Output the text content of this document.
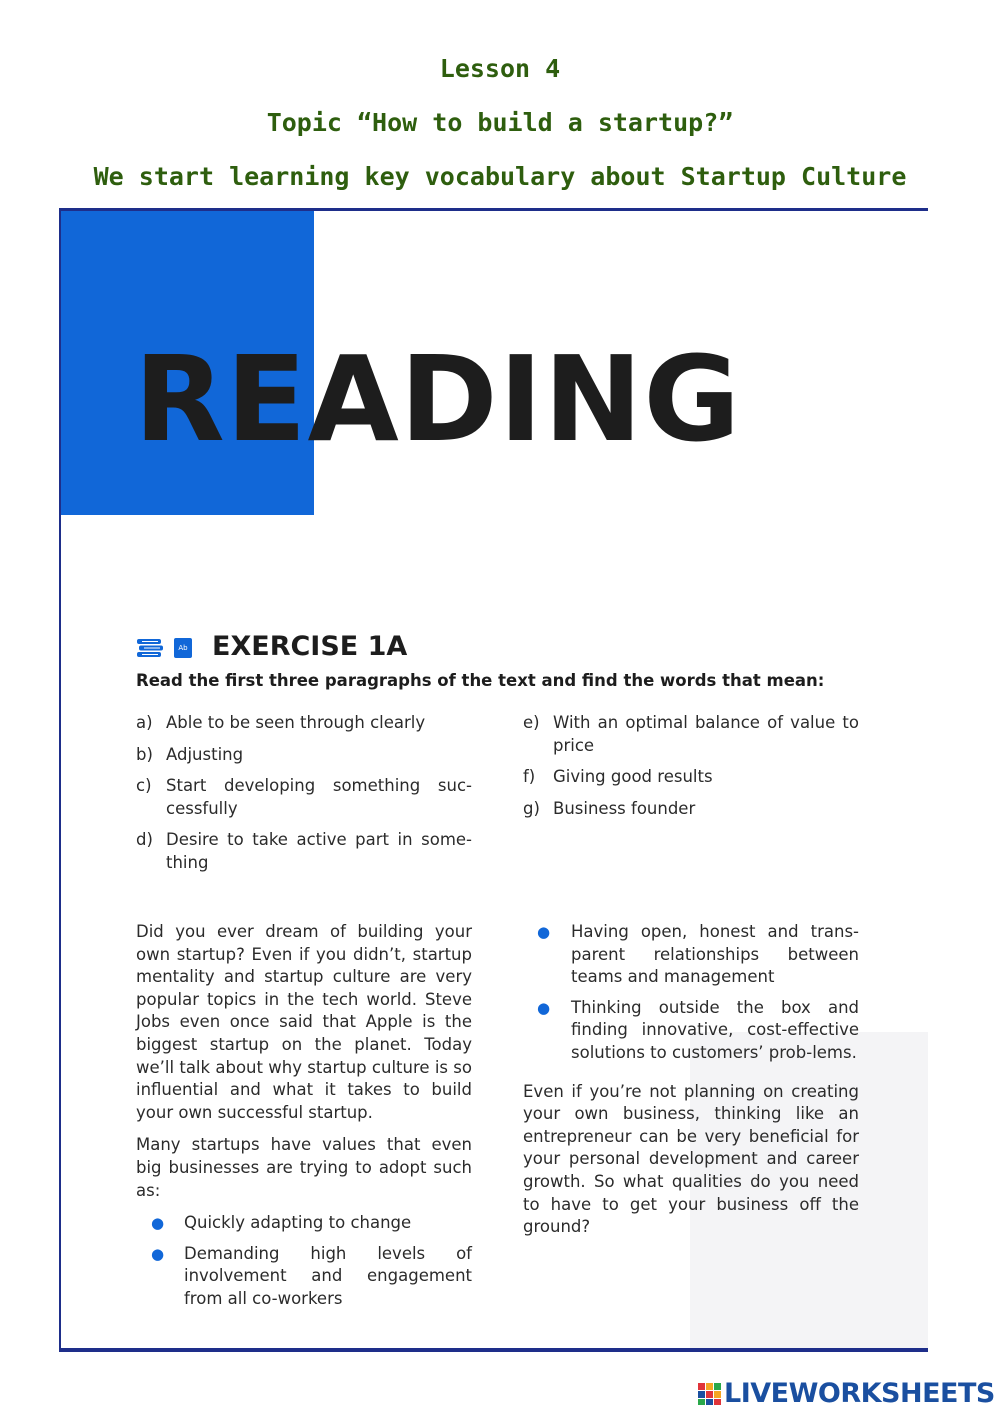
Lesson 4
Topic “How to build a startup?”
We start learning key vocabulary about Startup Culture
READING
Ab EXERCISE 1A
Read the first three paragraphs of the text and find the words that mean:
a) Able to be seen through clearly
b) Adjusting
c) Start developing something suc-cessfully
d) Desire to take active part in some-thing
e) With an optimal balance of value to price
f)	Giving good results
g) Business founder

Did you ever dream of building your own startup? Even if you didn’t, startup mentality and startup culture are very popular topics in the tech world. Steve Jobs even once said that Apple is the biggest startup on the planet. Today we’ll talk about why startup culture is so influential and what it takes to build your own successful startup.

Many startups have values that even big businesses are trying to adopt such as:

●	Quickly adapting to change
●	Demanding high levels of involvement and engagement from all co-workers
●	Having open, honest and trans-parent relationships between teams and management
●	Thinking outside the box and finding innovative, cost-effective solutions to customers’ prob-lems.

Even if you’re not planning on creating your own business, thinking like an entrepreneur can be very beneficial for your personal development and career growth. So what qualities do you need to have to get your business off the ground?

LIVEWORKSHEETS
